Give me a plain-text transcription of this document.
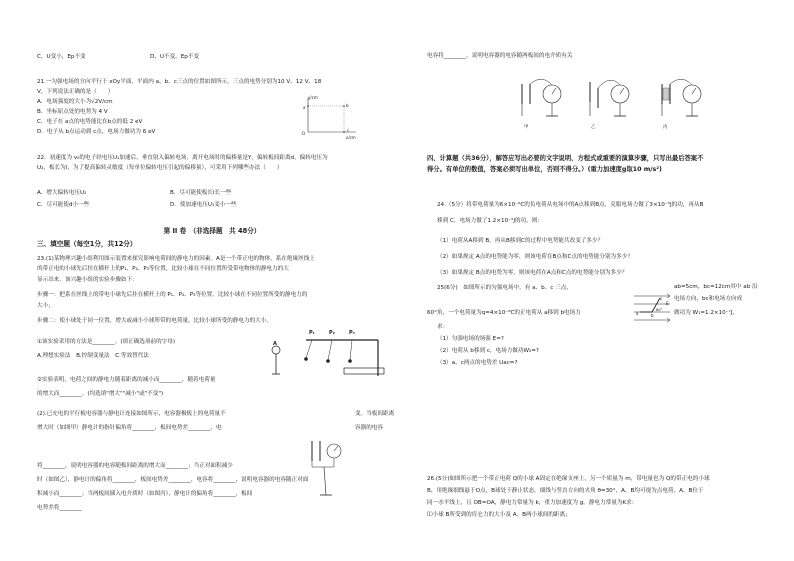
C、U变小，Ep不变	D、U不变，Ep不变
21.一匀强电场的方向平行于 xOy平面，平面内 a、b、c三点的位置如图所示，三点的电势分别为10 V、12 V、18
V，下列说法正确的是（　　）
A．电场强度的大小为√2V/cm
B．坐标原点处的电势为 4 V
C．电子在 a点的电势能比在b点的低 2 eV
D．电子从 b点运动到 c点，电场力做功为 6 eV
y/cm
x/cm
O
a	b
c
22．初速度为 v₀的电子经电压U₁加速后，垂直射入偏转电场，离开电场时的偏移量是Y，偏转板间距离d，偏转电压为
U₂，板长为l，为了提高偏转灵敏度（每单位偏转电压引起的偏移量），可采用下列哪些办法（　　）
A．增大偏转电压U₂	B．尽可能使板长l长一些
C．尽可能使d小一些	D．使加速电压U₁变小一些
第 II 卷　（非选择题　共 48分）
三、填空题（每空1分，共12分）
23.(1)某物理兴趣小组利用图示装置来探究影响电荷间的静电力的因素。A是一个带正电的物体，系在绝缘丝线上
的带正电的小球先后挂在横杆上的P₁、P₂、P₃等位置，比较小球在不同位置所受带电物体的静电力的大
显示出来。该兴趣小组的实验步骤如下：
步骤一：把系在丝线上的带电小球先后挂在横杆上的 P₁、P₂、P₃等位置，比较小球在不同位置所受的静电力的
大小；
步骤二：使小球处于同一位置，增大或减小小球所带的电荷量，比较小球所受的静电力的大小。
①该实验采用的方法是________。(填正确选项前的字母)
A.理想实验法　B.控制变量法　C.等效替代法
②实验表明，电荷之间的静电力随着距离的减小而________，随着电荷量
的增大而________。(均选填"增大""减小"或"不变")
P₁	P₂	P₃
A
(2).已充电的平行板电容器与静电计连接如图所示，电容器极板上的电荷量不	变。当板间距离
增大时（如图甲）静电计的指针偏角将________，板间电势差________，电	容器的电容
将________，说明电容器的电容随板间距离的增大而________；当正对面积减少
时（如图乙），静电计的偏角将________，板间电势差________，电容将________，说明电容器的电容随正对面
积减小而________；当两板间插入电介质时（如图丙），静电计的偏角将________，板间
电势差将________
电容将________，说明电容器的电容随两板间的电介质有关
甲	乙	丙
四、计算题（共36分），解答应写出必要的文字说明、方程式或重要的演算步骤，只写出最后答案不
得分。有单位的数值，答案必须写出单位，否则不得分。）(重力加速度g取10 m/s²)
24.（5分）将带电荷量为6×10⁻⁶C的负电荷从电场中的A点移到B点，克服电场力做了3×10⁻⁵J的功，再从B
移到 C，电场力做了1.2×10⁻⁵J的功，则：
（1）电荷从A移到 B，再从B移到C的过程中电势能共改变了多少？
（2）如果规定 A点的电势能为零，则该电荷在B点和C点的电势能分别为多少？
（3）如果规定 B点的电势为零，则该电荷在A点和C点的电势能分别为多少？
25(6分)　如图所示的匀强电场中，有 a、b、c 三点，	ab=5cm，bc=12cm其中 ab 沿
电场方向，bc和电场方向成
60°角，一个电荷量为q=4×10⁻⁸C的正电荷从 a移到 b电场力	做功为 W₁=1.2×10⁻⁷J，
求：
（1）匀强电场的场强 E=?
（2）电荷从 b移到 c，电场力做功W₂=?
（3）a、c两点的电势差 Uac=?
a	b
c
E
60°
26.(5分)如图所示把一个带正电荷 Q的小球 A固定在绝缘支座上，另一个质量为 m，带电量也为 Q的带正电的小球
B，用绝缘细线悬于O点，B球处于静止状态，细线与竖直方向的夹角 θ=30°，A、B均可视为点电荷，A、B位于
同一水平线上，且 OB=OA，静电力常量为 k，重力加速度为 g。静电力常量为K求：
⑴小球 B所受到的库仑力的大小及 A、B两小球间的距离；
